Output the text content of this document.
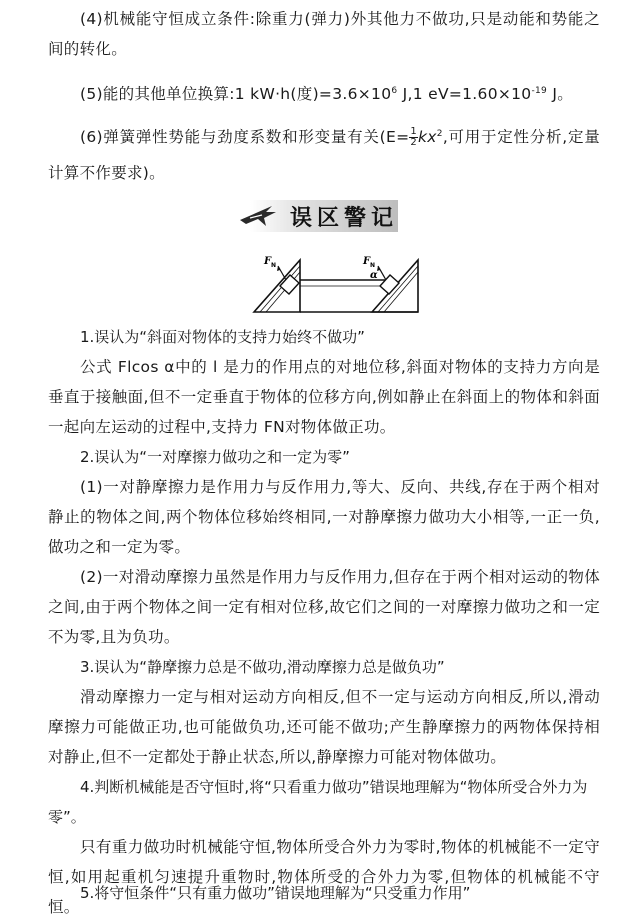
(4)机械能守恒成立条件:除重力(弹力)外其他力不做功,只是动能和势能之间的转化。

(5)能的其他单位换算:1 kW·h(度)$=3.6\times 10^6$ J,1 $eV=1.60\times 10^{-19}$ J。

(6)弹簧弹性势能与劲度系数和形变量有关($E= \frac{1}{2} kx^2$,可用于定性分析,定量计算不作要求)。

误区警记
F N	F N
α

1.误认为“斜面对物体的支持力始终不做功”

公式 Flcos α中的 l 是力的作用点的对地位移,斜面对物体的支持力方向是垂直于接触面,但不一定垂直于物体的位移方向,例如静止在斜面上的物体和斜面一起向左运动的过程中,支持力 FN对物体做正功。

2.误认为“一对摩擦力做功之和一定为零”

(1)一对静摩擦力是作用力与反作用力,等大、反向、共线,存在于两个相对静止的物体之间,两个物体位移始终相同,一对静摩擦力做功大小相等,一正一负,做功之和一定为零。

(2)一对滑动摩擦力虽然是作用力与反作用力,但存在于两个相对运动的物体之间,由于两个物体之间一定有相对位移,故它们之间的一对摩擦力做功之和一定不为零,且为负功。

3.误认为“静摩擦力总是不做功,滑动摩擦力总是做负功”

滑动摩擦力一定与相对运动方向相反,但不一定与运动方向相反,所以,滑动摩擦力可能做正功,也可能做负功,还可能不做功;产生静摩擦力的两物体保持相对静止,但不一定都处于静止状态,所以,静摩擦力可能对物体做功。

4.判断机械能是否守恒时,将“只看重力做功”错误地理解为“物体所受合外力为零”。

只有重力做功时机械能守恒,物体所受合外力为零时,物体的机械能不一定守恒,如用起重机匀速提升重物时,物体所受的合外力为零,但物体的机械能不守恒。

5.将守恒条件“只有重力做功”错误地理解为“只受重力作用”
